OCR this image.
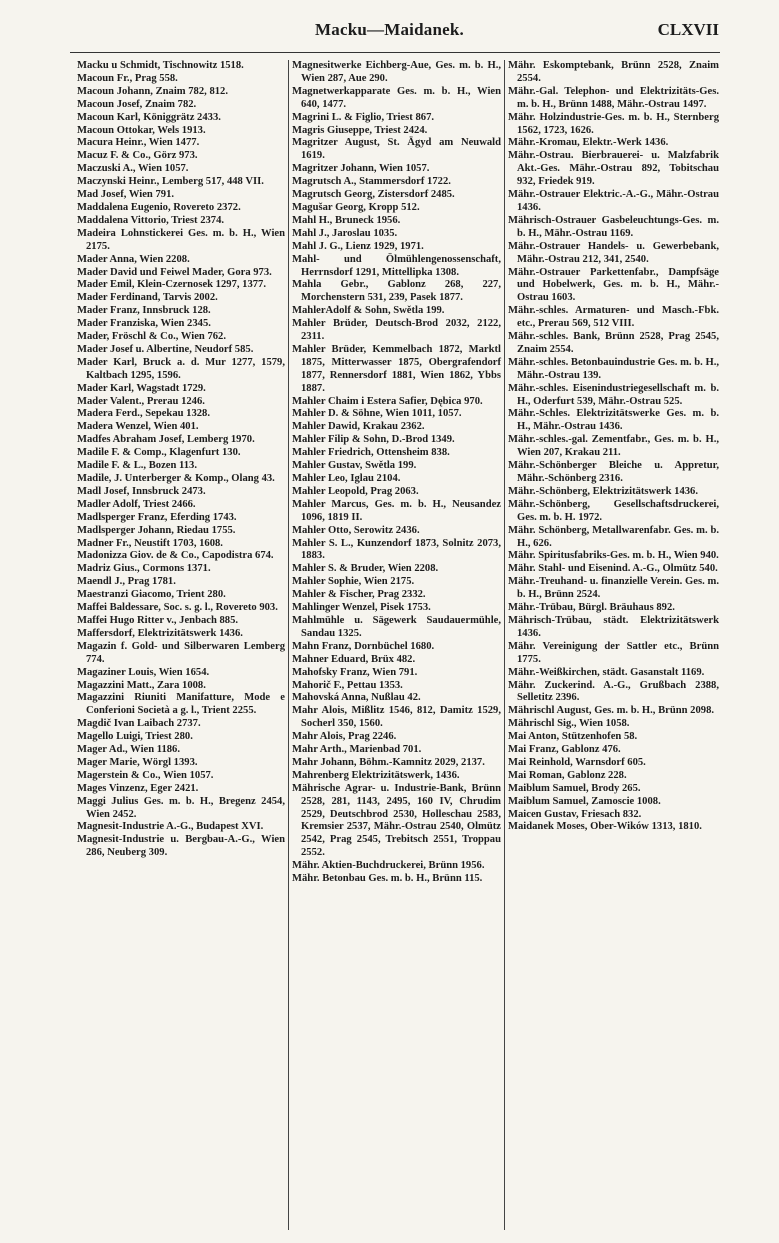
Macku—Maidanek.	CLXVII

Macku u Schmidt, Tischnowitz 1518.

Macoun Fr., Prag 558.

Macoun Johann, Znaim 782, 812.

Macoun Josef, Znaim 782.

Macoun Karl, Königgrätz 2433.

Macoun Ottokar, Wels 1913.

Macura Heinr., Wien 1477.

Macuz F. & Co., Görz 973.

Maczuski A., Wien 1057.

Maczynski Heinr., Lemberg 517, 448 VII.

Mad Josef, Wien 791.

Maddalena Eugenio, Rovereto 2372.

Maddalena Vittorio, Triest 2374.

Madeira Lohnstickerei Ges. m. b. H., Wien 2175.

Mader Anna, Wien 2208.

Mader David und Feiwel Mader, Gora 973.

Mader Emil, Klein-Czernosek 1297, 1377.

Mader Ferdinand, Tarvis 2002.

Mader Franz, Innsbruck 128.

Mader Franziska, Wien 2345.

Mader, Fröschl & Co., Wien 762.

Mader Josef u. Albertine, Neudorf 585.

Mader Karl, Bruck a. d. Mur 1277, 1579, Kaltbach 1295, 1596.

Mader Karl, Wagstadt 1729.

Mader Valent., Prerau 1246.

Madera Ferd., Sepekau 1328.

Madera Wenzel, Wien 401.

Madfes Abraham Josef, Lemberg 1970.

Madile F. & Comp., Klagenfurt 130.

Madile F. & L., Bozen 113.

Madile, J. Unterberger & Komp., Olang 43.

Madl Josef, Innsbruck 2473.

Madler Adolf, Triest 2466.

Madlsperger Franz, Eferding 1743.

Madlsperger Johann, Riedau 1755.

Madner Fr., Neustift 1703, 1608.

Madonizza Giov. de & Co., Capodistra 674.

Madriz Gius., Cormons 1371.

Maendl J., Prag 1781.

Maestranzi Giacomo, Trient 280.

Maffei Baldessare, Soc. s. g. l., Rovereto 903.

Maffei Hugo Ritter v., Jenbach 885.

Maffersdorf, Elektrizitätswerk 1436.

Magazin f. Gold- und Silberwaren Lemberg 774.

Magaziner Louis, Wien 1654.

Magazzini Matt., Zara 1008.

Magazzini Riuniti Manifatture, Mode e Conferioni Società a g. l., Trient 2255.

Magdič Ivan Laibach 2737.

Magello Luigi, Triest 280.

Mager Ad., Wien 1186.

Mager Marie, Wörgl 1393.

Magerstein & Co., Wien 1057.

Mages Vinzenz, Eger 2421.

Maggi Julius Ges. m. b. H., Bregenz 2454, Wien 2452.

Magnesit-Industrie A.-G., Budapest XVI.

Magnesit-Industrie u. Bergbau-A.-G., Wien 286, Neuberg 309.

Magnesitwerke Eichberg-Aue, Ges. m. b. H., Wien 287, Aue 290.

Magnetwerkapparate Ges. m. b. H., Wien 640, 1477.

Magrini L. & Figlio, Triest 867.

Magris Giuseppe, Triest 2424.

Magritzer August, St. Ägyd am Neuwald 1619.

Magritzer Johann, Wien 1057.

Magrutsch A., Stammersdorf 1722.

Magrutsch Georg, Zistersdorf 2485.

Magušar Georg, Kropp 512.

Mahl H., Bruneck 1956.

Mahl J., Jaroslau 1035.

Mahl J. G., Lienz 1929, 1971.

Mahl- und Ölmühlengenossenschaft, Herrnsdorf 1291, Mittellipka 1308.

Mahla Gebr., Gablonz 268, 227, Morchenstern 531, 239, Pasek 1877.

MahlerAdolf & Sohn, Swětla 199.

Mahler Brüder, Deutsch-Brod 2032, 2122, 2311.

Mahler Brüder, Kemmelbach 1872, Marktl 1875, Mitterwasser 1875, Obergrafendorf 1877, Rennersdorf 1881, Wien 1862, Ybbs 1887.

Mahler Chaim i Estera Safier, Dębica 970.

Mahler D. & Söhne, Wien 1011, 1057.

Mahler Dawid, Krakau 2362.

Mahler Filip & Sohn, D.-Brod 1349.

Mahler Friedrich, Ottensheim 838.

Mahler Gustav, Swětla 199.

Mahler Leo, Iglau 2104.

Mahler Leopold, Prag 2063.

Mahler Marcus, Ges. m. b. H., Neusandez 1096, 1819 II.

Mahler Otto, Serowitz 2436.

Mahler S. L., Kunzendorf 1873, Solnitz 2073, 1883.

Mahler S. & Bruder, Wien 2208.

Mahler Sophie, Wien 2175.

Mahler & Fischer, Prag 2332.

Mahlinger Wenzel, Pisek 1753.

Mahlmühle u. Sägewerk Saudauermühle, Sandau 1325.

Mahn Franz, Dornbüchel 1680.

Mahner Eduard, Brüx 482.

Mahofsky Franz, Wien 791.

Mahorič F., Pettau 1353.

Mahovská Anna, Nußlau 42.

Mahr Alois, Mißlitz 1546, 812, Damitz 1529, Socherl 350, 1560.

Mahr Alois, Prag 2246.

Mahr Arth., Marienbad 701.

Mahr Johann, Böhm.-Kamnitz 2029, 2137.

Mahrenberg Elektrizitätswerk, 1436.

Mährische Agrar- u. Industrie-Bank, Brünn 2528, 281, 1143, 2495, 160 IV, Chrudim 2529, Deutschbrod 2530, Holleschau 2583, Kremsier 2537, Mähr.-Ostrau 2540, Olmütz 2542, Prag 2545, Trebitsch 2551, Troppau 2552.

Mähr. Aktien-Buchdruckerei, Brünn 1956.

Mähr. Betonbau Ges. m. b. H., Brünn 115.

Mähr. Eskomptebank, Brünn 2528, Znaim 2554.

Mähr.-Gal. Telephon- und Elektrizitäts-Ges. m. b. H., Brünn 1488, Mähr.-Ostrau 1497.

Mähr. Holzindustrie-Ges. m. b. H., Sternberg 1562, 1723, 1626.

Mähr.-Kromau, Elektr.-Werk 1436.

Mähr.-Ostrau. Bierbrauerei- u. Malzfabrik Akt.-Ges. Mähr.-Ostrau 892, Tobitschau 932, Friedek 919.

Mähr.-Ostrauer Elektric.-A.-G., Mähr.-Ostrau 1436.

Mährisch-Ostrauer Gasbeleuchtungs-Ges. m. b. H., Mähr.-Ostrau 1169.

Mähr.-Ostrauer Handels- u. Gewerbebank, Mähr.-Ostrau 212, 341, 2540.

Mähr.-Ostrauer Parkettenfabr., Dampfsäge und Hobelwerk, Ges. m. b. H., Mähr.-Ostrau 1603.

Mähr.-schles. Armaturen- und Masch.-Fbk. etc., Prerau 569, 512 VIII.

Mähr.-schles. Bank, Brünn 2528, Prag 2545, Znaim 2554.

Mähr.-schles. Betonbauindustrie Ges. m. b. H., Mähr.-Ostrau 139.

Mähr.-schles. Eisenindustriegesellschaft m. b. H., Oderfurt 539, Mähr.-Ostrau 525.

Mähr.-Schles. Elektrizitätswerke Ges. m. b. H., Mähr.-Ostrau 1436.

Mähr.-schles.-gal. Zementfabr., Ges. m. b. H., Wien 207, Krakau 211.

Mähr.-Schönberger Bleiche u. Appretur, Mähr.-Schönberg 2316.

Mähr.-Schönberg, Elektrizitätswerk 1436.

Mähr.-Schönberg, Gesellschaftsdruckerei, Ges. m. b. H. 1972.

Mähr. Schönberg, Metallwarenfabr. Ges. m. b. H., 626.

Mähr. Spiritusfabriks-Ges. m. b. H., Wien 940.

Mähr. Stahl- und Eisenind. A.-G., Olmütz 540.

Mähr.-Treuhand- u. finanzielle Verein. Ges. m. b. H., Brünn 2524.

Mähr.-Trübau, Bürgl. Bräuhaus 892.

Mährisch-Trübau, städt. Elektrizitätswerk 1436.

Mähr. Vereinigung der Sattler etc., Brünn 1775.

Mähr.-Weißkirchen, städt. Gasanstalt 1169.

Mähr. Zuckerind. A.-G., Grußbach 2388, Selletitz 2396.

Mährischl August, Ges. m. b. H., Brünn 2098.

Mährischl Sig., Wien 1058.

Mai Anton, Stützenhofen 58.

Mai Franz, Gablonz 476.

Mai Reinhold, Warnsdorf 605.

Mai Roman, Gablonz 228.

Maiblum Samuel, Brody 265.

Maiblum Samuel, Zamoscie 1008.

Maicen Gustav, Friesach 832.

Maidanek Moses, Ober-Wików 1313, 1810.
